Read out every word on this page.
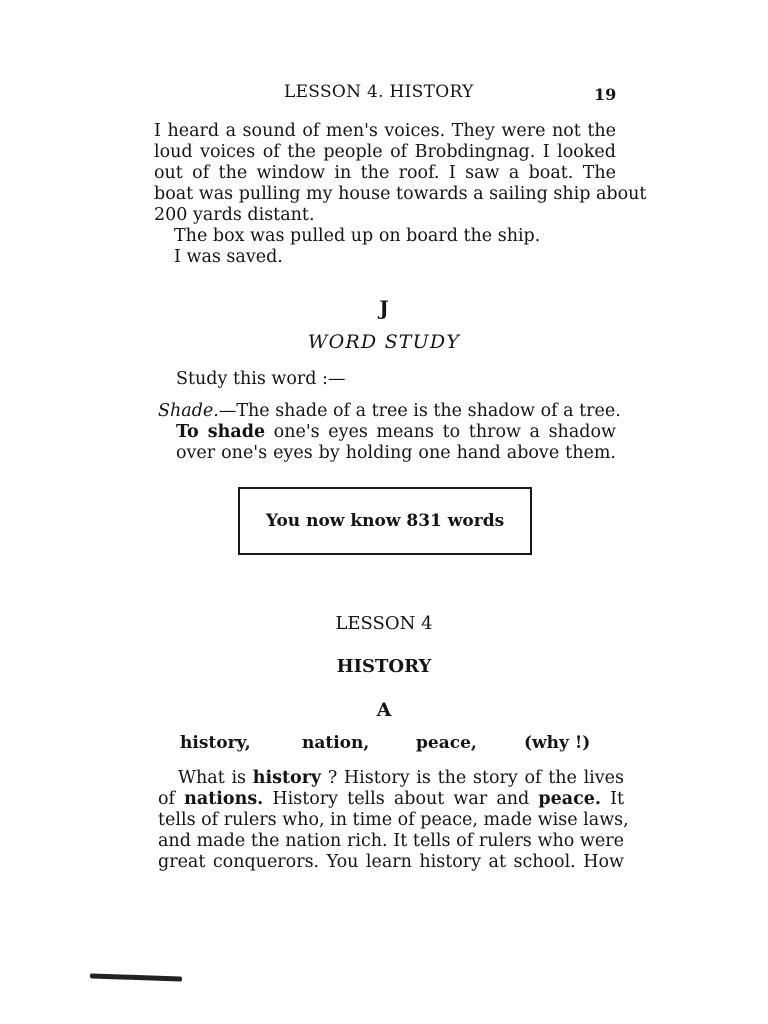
LESSON 4. HISTORY	19
I heard a sound of men's voices. They were not the
loud voices of the people of Brobdingnag. I looked
out of the window in the roof. I saw a boat. The
boat was pulling my house towards a sailing ship about
200 yards distant.
The box was pulled up on board the ship.
I was saved.
J
WORD STUDY
Study this word :—
Shade.—The shade of a tree is the shadow of a tree.
To shade one's eyes means to throw a shadow
over one's eyes by holding one hand above them.
You now know 831 words
LESSON 4
HISTORY
A
history,	nation,	peace,	(why !)
What is history ? History is the story of the lives
of nations. History tells about war and peace. It
tells of rulers who, in time of peace, made wise laws,
and made the nation rich. It tells of rulers who were
great conquerors. You learn history at school. How
